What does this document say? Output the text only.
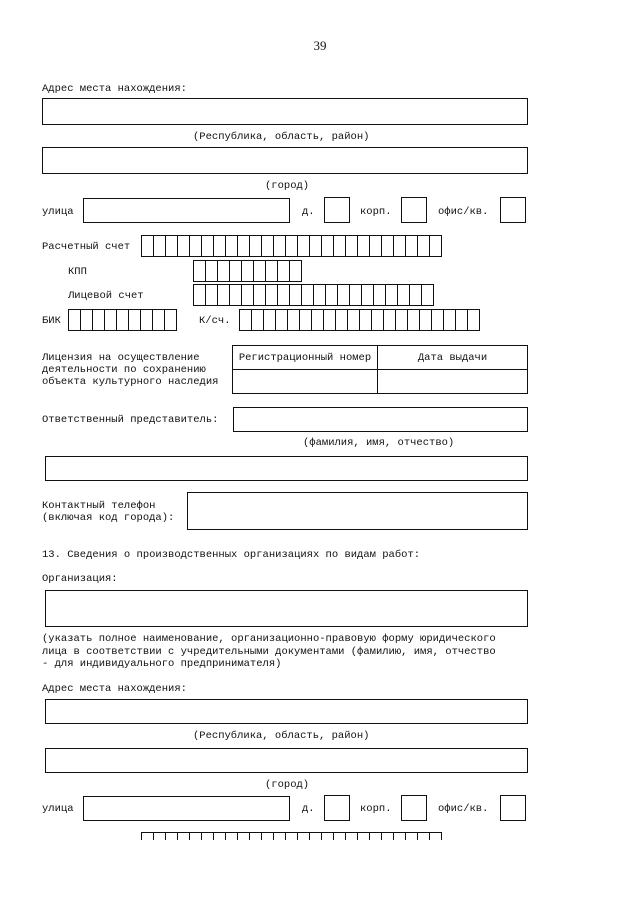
39
Адрес места нахождения:
(Республика, область, район)
(город)
улица	д.	корп.	офис/кв.
Расчетный счет
КПП
Лицевой счет
БИК	К/сч.
Лицензия на осуществление
деятельности по сохранению
объекта культурного наследия
Регистрационный номер	Дата выдачи

Ответственный представитель:
(фамилия, имя, отчество)
Контактный телефон
(включая код города):
13. Сведения о производственных организациях по видам работ:
Организация:
(указать полное наименование, организационно-правовую форму юридического
лица в соответствии с учредительными документами (фамилию, имя, отчество
- для индивидуального предпринимателя)
Адрес места нахождения:
(Республика, область, район)
(город)
улица	д.	корп.	офис/кв.
